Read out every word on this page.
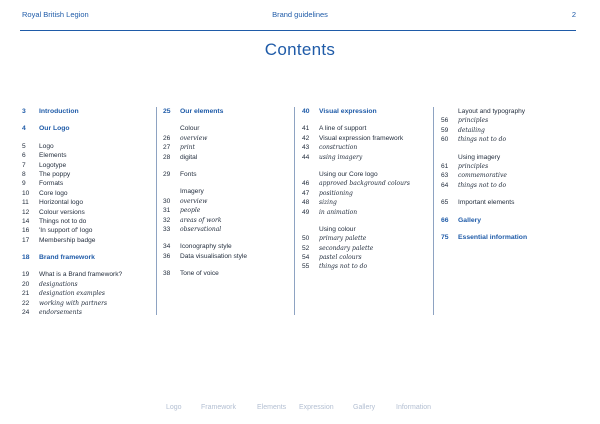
Royal British Legion	Brand guidelines	2
Contents
3	Introduction
4	Our Logo
5	Logo
6	Elements
7	Logotype
8	The poppy
9	Formats
10	Core logo
11	Horizontal logo
12	Colour versions
14	Things not to do
16	'In support of' logo
17	Membership badge
18	Brand framework
19	What is a Brand framework?
20	designations
21	designation examples
22	working with partners
24	endorsements
25	Our elements
Colour
26	overview
27	print
28	digital
29	Fonts
Imagery
30	overview
31	people
32	areas of work
33	observational
34	Iconography style
36	Data visualisation style
38	Tone of voice
40	Visual expression
41	A line of support
42	Visual expression framework
43	construction
44	using imagery
Using our Core logo
46	approved background colours
47	positioning
48	sizing
49	in animation
Using colour
50	primary palette
52	secondary palette
54	pastel colours
55	things not to do
Layout and typography
56	principles
59	detailing
60	things not to do
Using imagery
61	principles
63	commemorative
64	things not to do
65	Important elements
66	Gallery
75	Essential information
Logo	Framework	Elements Expression	Gallery	Information
